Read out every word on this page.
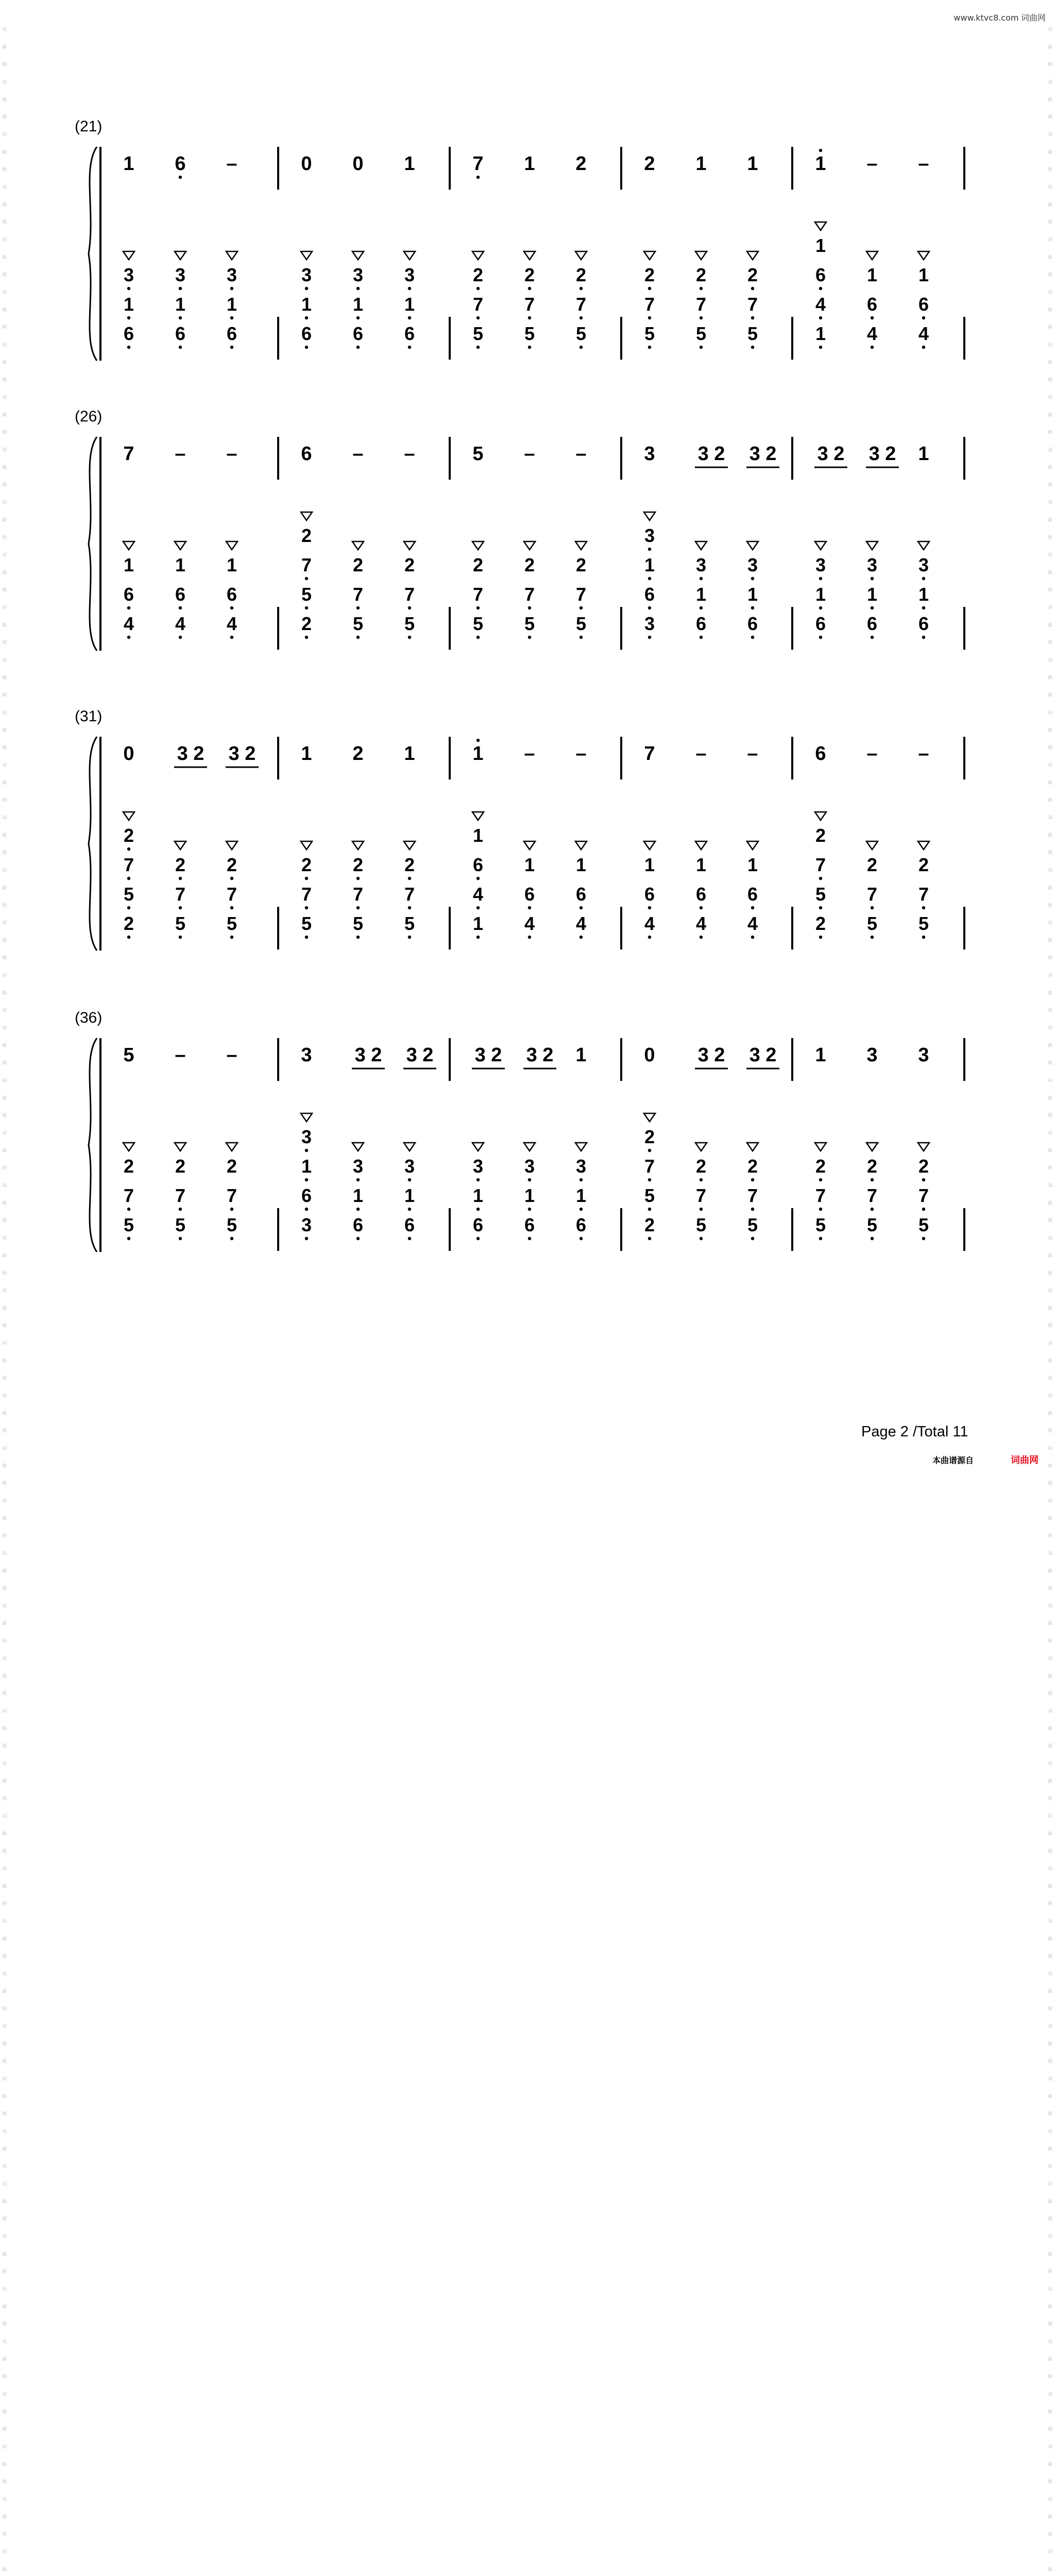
www.ktvc8.com 词曲网
词曲网词曲网词曲网词曲网词曲网词曲网词曲网词曲网词曲网词曲网词曲网词曲网词曲网词曲网词曲网词曲网词曲网词曲网词曲网词曲网词曲网词曲网词曲网词曲网词曲网词曲网词曲网词曲网词曲网词曲网词曲网词曲网词曲网词曲网词曲网词曲网词曲网词曲网词曲网词曲网词曲网词曲网词曲网词曲网词曲网词曲网词曲网词曲网词曲
词曲网词曲网词曲网词曲网词曲网词曲网词曲网词曲网词曲网词曲网词曲网词曲网词曲网词曲网词曲网词曲网词曲网词曲网词曲网词曲网词曲网词曲网词曲网词曲网词曲网词曲网词曲网词曲网词曲网词曲网词曲网词曲网词曲网词曲网词曲网词曲网词曲网词曲网词曲网词曲网词曲网词曲网词曲网词曲网词曲网词曲网词曲网词曲网词曲
(21)
1 6 –
3
1
6
3
1
6
3
1
6
0 0 1
3
1
6
3
1
6
3
1
6
7 1 2
2
7
5
2
7
5
2
7
5
2 1 1
2
7
5
2
7
5
2
7
5
1 – –
1
6
4
1
1
6
4
1
6
4
(26)
7 – –
1
6
4
1
6
4
1
6
4
6 – –
2
7
5
2
2
7
5
2
7
5
5 – –
2
7
5
2
7
5
2
7
5
3 3 2 3 2
3
1
6
3
3
1
6
3
1
6
3 2 3 2 1
3
1
6
3
1
6
3
1
6
(31)
0 3 2 3 2
2
7
5
2
2
7
5
2
7
5
1 2 1
2
7
5
2
7
5
2
7
5
1 – –
1
6
4
1
1
6
4
1
6
4
7 – –
1
6
4
1
6
4
1
6
4
6 – –
2
7
5
2
2
7
5
2
7
5
(36)
5 – –
2
7
5
2
7
5
2
7
5
3 3 2 3 2
3
1
6
3
3
1
6
3
1
6
3 2 3 2 1
3
1
6
3
1
6
3
1
6
0 3 2 3 2
2
7
5
2
2
7
5
2
7
5
1 3 3
2
7
5
2
7
5
2
7
5
Page 2 /Total 11
本曲谱源自	词曲网
